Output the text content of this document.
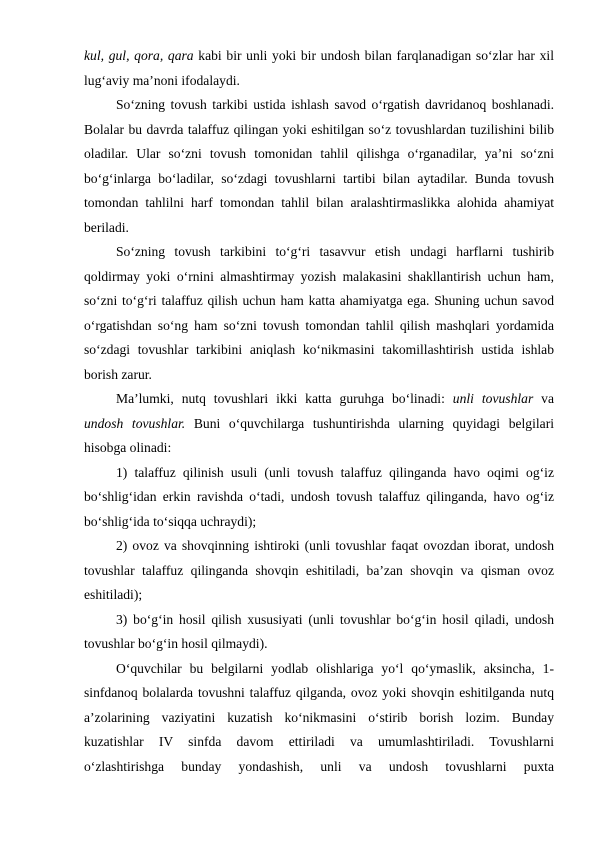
kul, gul, qora, qara kabi bir unli yoki bir undosh bilan farqlanadigan so‘zlar har xil lug‘aviy ma’noni ifodalaydi.

So‘zning tovush tarkibi ustida ishlash savod o‘rgatish davridanoq boshlanadi. Bolalar bu davrda talaffuz qilingan yoki eshitilgan so‘z tovushlardan tuzilishini bilib oladilar. Ular so‘zni tovush tomonidan tahlil qilishga o‘rganadilar, ya’ni so‘zni bo‘g‘inlarga bo‘ladilar, so‘zdagi tovushlarni tartibi bilan aytadilar. Bunda tovush tomondan tahlilni harf tomondan tahlil bilan aralashtirmaslikka alohida ahamiyat beriladi.

So‘zning tovush tarkibini to‘g‘ri tasavvur etish undagi harflarni tushirib qoldirmay yoki o‘rnini almashtirmay yozish malakasini shakllantirish uchun ham, so‘zni to‘g‘ri talaffuz qilish uchun ham katta ahamiyatga ega. Shuning uchun savod o‘rgatishdan so‘ng ham so‘zni tovush tomondan tahlil qilish mashqlari yordamida so‘zdagi tovushlar tarkibini aniqlash ko‘nikmasini takomillashtirish ustida ishlab borish zarur.

Ma’lumki, nutq tovushlari ikki katta guruhga bo‘linadi: unli tovushlar va undosh tovushlar. Buni o‘quvchilarga tushuntirishda ularning quyidagi belgilari hisobga olinadi:

1) talaffuz qilinish usuli (unli tovush talaffuz qilinganda havo oqimi og‘iz bo‘shlig‘idan erkin ravishda o‘tadi, undosh tovush talaffuz qilinganda, havo og‘iz bo‘shlig‘ida to‘siqqa uchraydi);

2) ovoz va shovqinning ishtiroki (unli tovushlar faqat ovozdan iborat, undosh tovushlar talaffuz qilinganda shovqin eshitiladi, ba’zan shovqin va qisman ovoz eshitiladi);

3) bo‘g‘in hosil qilish xususiyati (unli tovushlar bo‘g‘in hosil qiladi, undosh tovushlar bo‘g‘in hosil qilmaydi).

O‘quvchilar bu belgilarni yodlab olishlariga yo‘l qo‘ymaslik, aksincha, 1-sinfdanoq bolalarda tovushni talaffuz qilganda, ovoz yoki shovqin eshitilganda nutq a’zolarining vaziyatini kuzatish ko‘nikmasini o‘stirib borish lozim. Bunday kuzatishlar IV sinfda davom ettiriladi va umumlashtiriladi. Tovushlarni o‘zlashtirishga bunday yondashish, unli va undosh tovushlarni puxta
